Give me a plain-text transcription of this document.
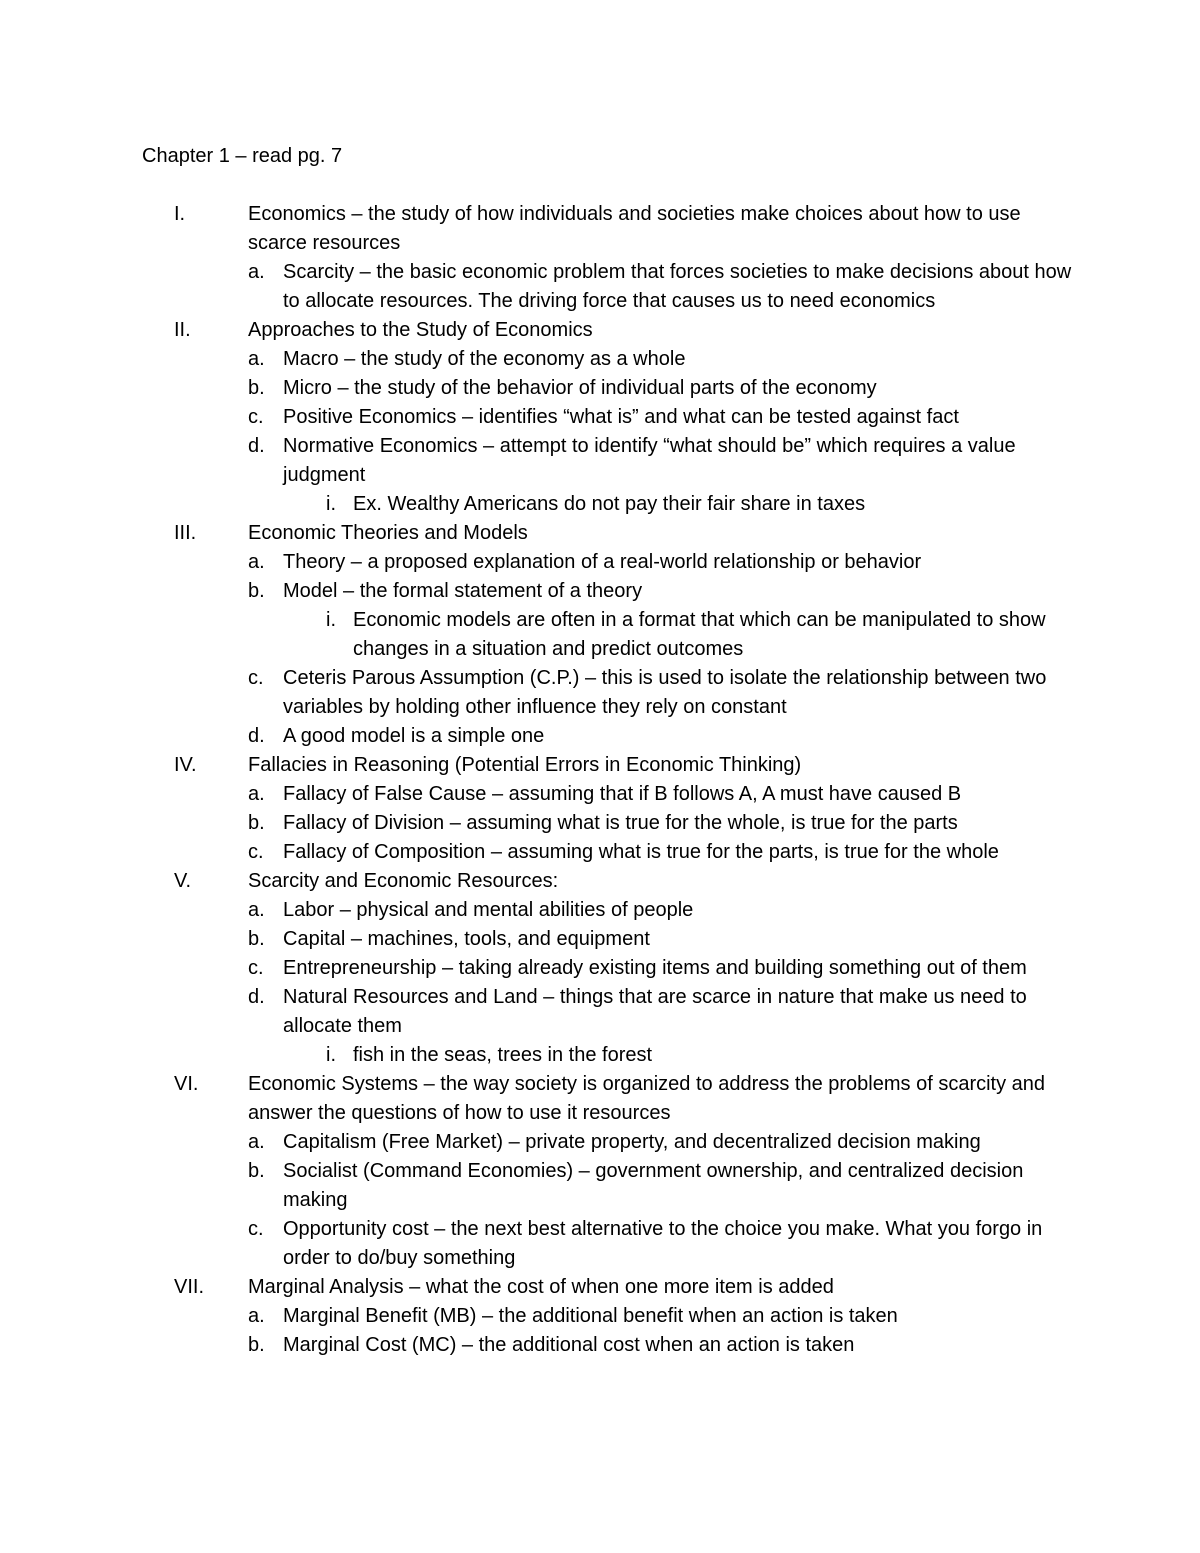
Chapter 1 – read pg. 7
I.	Economics – the study of how individuals and societies make choices about how to use scarce resources
a. Scarcity – the basic economic problem that forces societies to make decisions about how to allocate resources. The driving force that causes us to need economics
II.	Approaches to the Study of Economics
a. Macro – the study of the economy as a whole
b. Micro – the study of the behavior of individual parts of the economy
c. Positive Economics – identifies “what is” and what can be tested against fact
d. Normative Economics – attempt to identify “what should be” which requires a value judgment
i. Ex. Wealthy Americans do not pay their fair share in taxes
III.	Economic Theories and Models
a. Theory – a proposed explanation of a real-world relationship or behavior
b. Model – the formal statement of a theory
i. Economic models are often in a format that which can be manipulated to show changes in a situation and predict outcomes
c. Ceteris Parous Assumption (C.P.) – this is used to isolate the relationship between two variables by holding other influence they rely on constant
d. A good model is a simple one
IV.	Fallacies in Reasoning (Potential Errors in Economic Thinking)
a. Fallacy of False Cause – assuming that if B follows A, A must have caused B
b. Fallacy of Division – assuming what is true for the whole, is true for the parts
c. Fallacy of Composition – assuming what is true for the parts, is true for the whole
V.	Scarcity and Economic Resources:
a. Labor – physical and mental abilities of people
b. Capital – machines, tools, and equipment
c. Entrepreneurship – taking already existing items and building something out of them
d. Natural Resources and Land – things that are scarce in nature that make us need to allocate them
i. fish in the seas, trees in the forest
VI. Economic Systems – the way society is organized to address the problems of scarcity and answer the questions of how to use it resources
a. Capitalism (Free Market) – private property, and decentralized decision making
b. Socialist (Command Economies) – government ownership, and centralized decision making
c. Opportunity cost – the next best alternative to the choice you make. What you forgo in order to do/buy something
VII. Marginal Analysis – what the cost of when one more item is added
a. Marginal Benefit (MB) – the additional benefit when an action is taken
b. Marginal Cost (MC) – the additional cost when an action is taken
